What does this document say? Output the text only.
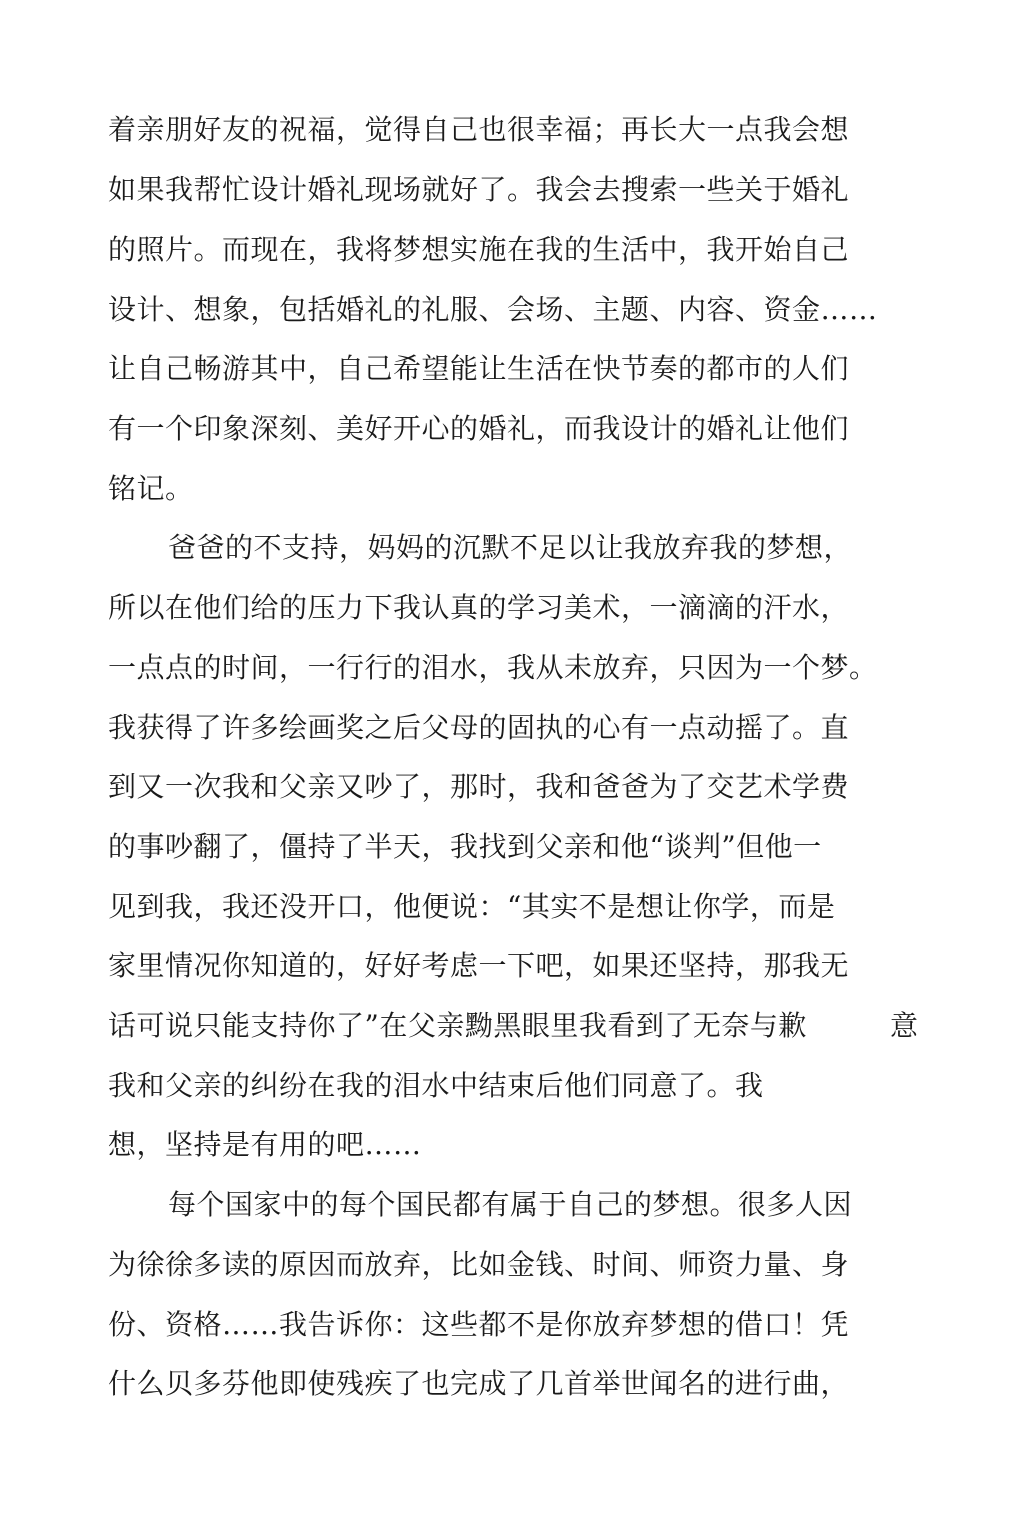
着亲朋好友的祝福，觉得自己也很幸福；再长大一点我会想
如果我帮忙设计婚礼现场就好了。我会去搜索一些关于婚礼
的照片。而现在，我将梦想实施在我的生活中，我开始自己
设计、想象，包括婚礼的礼服、会场、主题、内容、资金……
让自己畅游其中，自己希望能让生活在快节奏的都市的人们
有一个印象深刻、美好开心的婚礼，而我设计的婚礼让他们
铭记。
爸爸的不支持，妈妈的沉默不足以让我放弃我的梦想，
所以在他们给的压力下我认真的学习美术，一滴滴的汗水，
一点点的时间，一行行的泪水，我从未放弃，只因为一个梦。
我获得了许多绘画奖之后父母的固执的心有一点动摇了。直
到又一次我和父亲又吵了，那时，我和爸爸为了交艺术学费
的事吵翻了，僵持了半天，我找到父亲和他“谈判”但他一
见到我，我还没开口，他便说：“其实不是想让你学，而是
家里情况你知道的，好好考虑一下吧，如果还坚持，那我无
话可说只能支持你了”在父亲黝黑眼里我看到了无奈与歉	意
我和父亲的纠纷在我的泪水中结束后他们同意了。我
想，坚持是有用的吧……
每个国家中的每个国民都有属于自己的梦想。很多人因
为徐徐多读的原因而放弃，比如金钱、时间、师资力量、身
份、资格……我告诉你：这些都不是你放弃梦想的借口！凭
什么贝多芬他即使残疾了也完成了几首举世闻名的进行曲，
